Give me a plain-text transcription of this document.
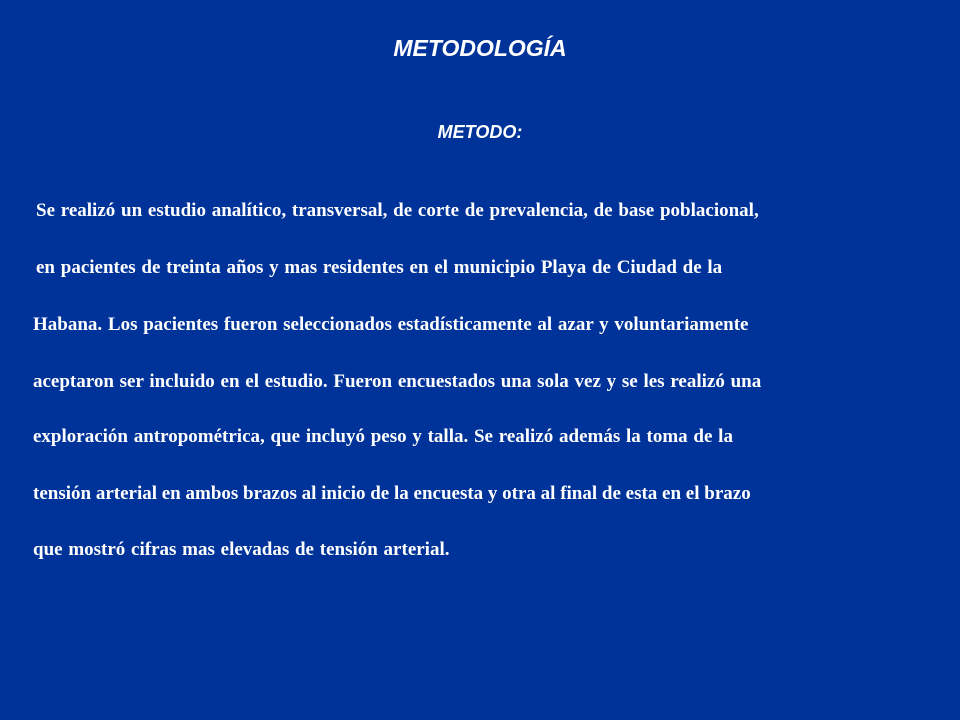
METODOLOGÍA
METODO:

Se realizó un estudio analítico, transversal, de corte de prevalencia, de base poblacional,

en pacientes de treinta años y mas residentes en el municipio Playa de Ciudad de la

Habana. Los pacientes fueron seleccionados estadísticamente al azar y voluntariamente

aceptaron ser incluido en el estudio. Fueron encuestados una sola vez y se les realizó una

exploración antropométrica, que incluyó peso y talla. Se realizó además la toma de la

tensión arterial en ambos brazos al inicio de la encuesta y otra al final de esta en el brazo

que mostró cifras mas elevadas de tensión arterial.
